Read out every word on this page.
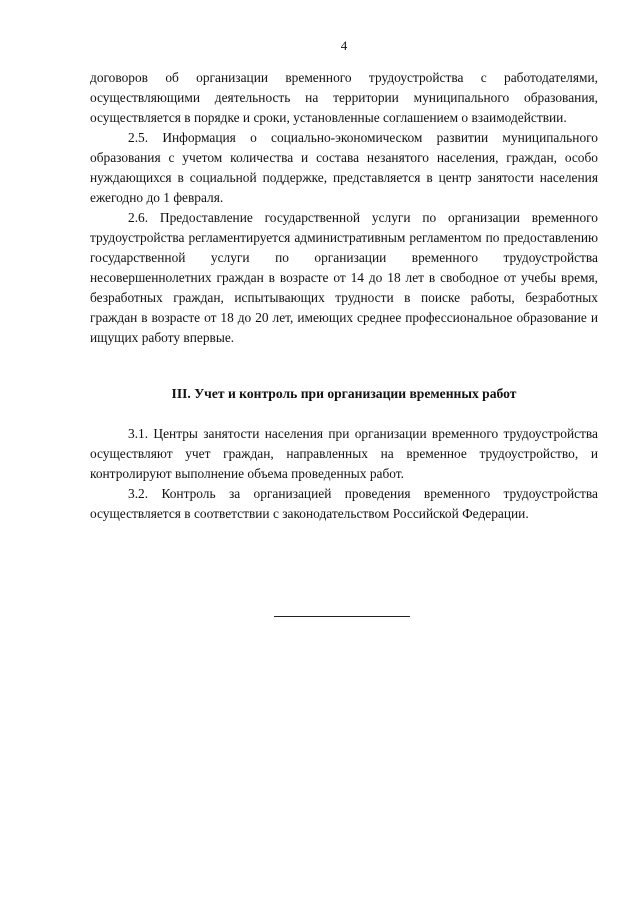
4

договоров об организации временного трудоустройства с работодателями, осуществляющими деятельность на территории муниципального образования, осуществляется в порядке и сроки, установленные соглашением о взаимодействии.

2.5. Информация о социально-экономическом развитии муниципального образования с учетом количества и состава незанятого населения, граждан, особо нуждающихся в социальной поддержке, представляется в центр занятости населения ежегодно до 1 февраля.

2.6. Предоставление государственной услуги по организации временного трудоустройства регламентируется административным регламентом по предоставлению государственной услуги по организации временного трудоустройства несовершеннолетних граждан в возрасте от 14 до 18 лет в свободное от учебы время, безработных граждан, испытывающих трудности в поиске работы, безработных граждан в возрасте от 18 до 20 лет, имеющих среднее профессиональное образование и ищущих работу впервые.

III. Учет и контроль при организации временных работ

3.1. Центры занятости населения при организации временного трудоустройства осуществляют учет граждан, направленных на временное трудоустройство, и контролируют выполнение объема проведенных работ.

3.2. Контроль за организацией проведения временного трудоустройства осуществляется в соответствии с законодательством Российской Федерации.
